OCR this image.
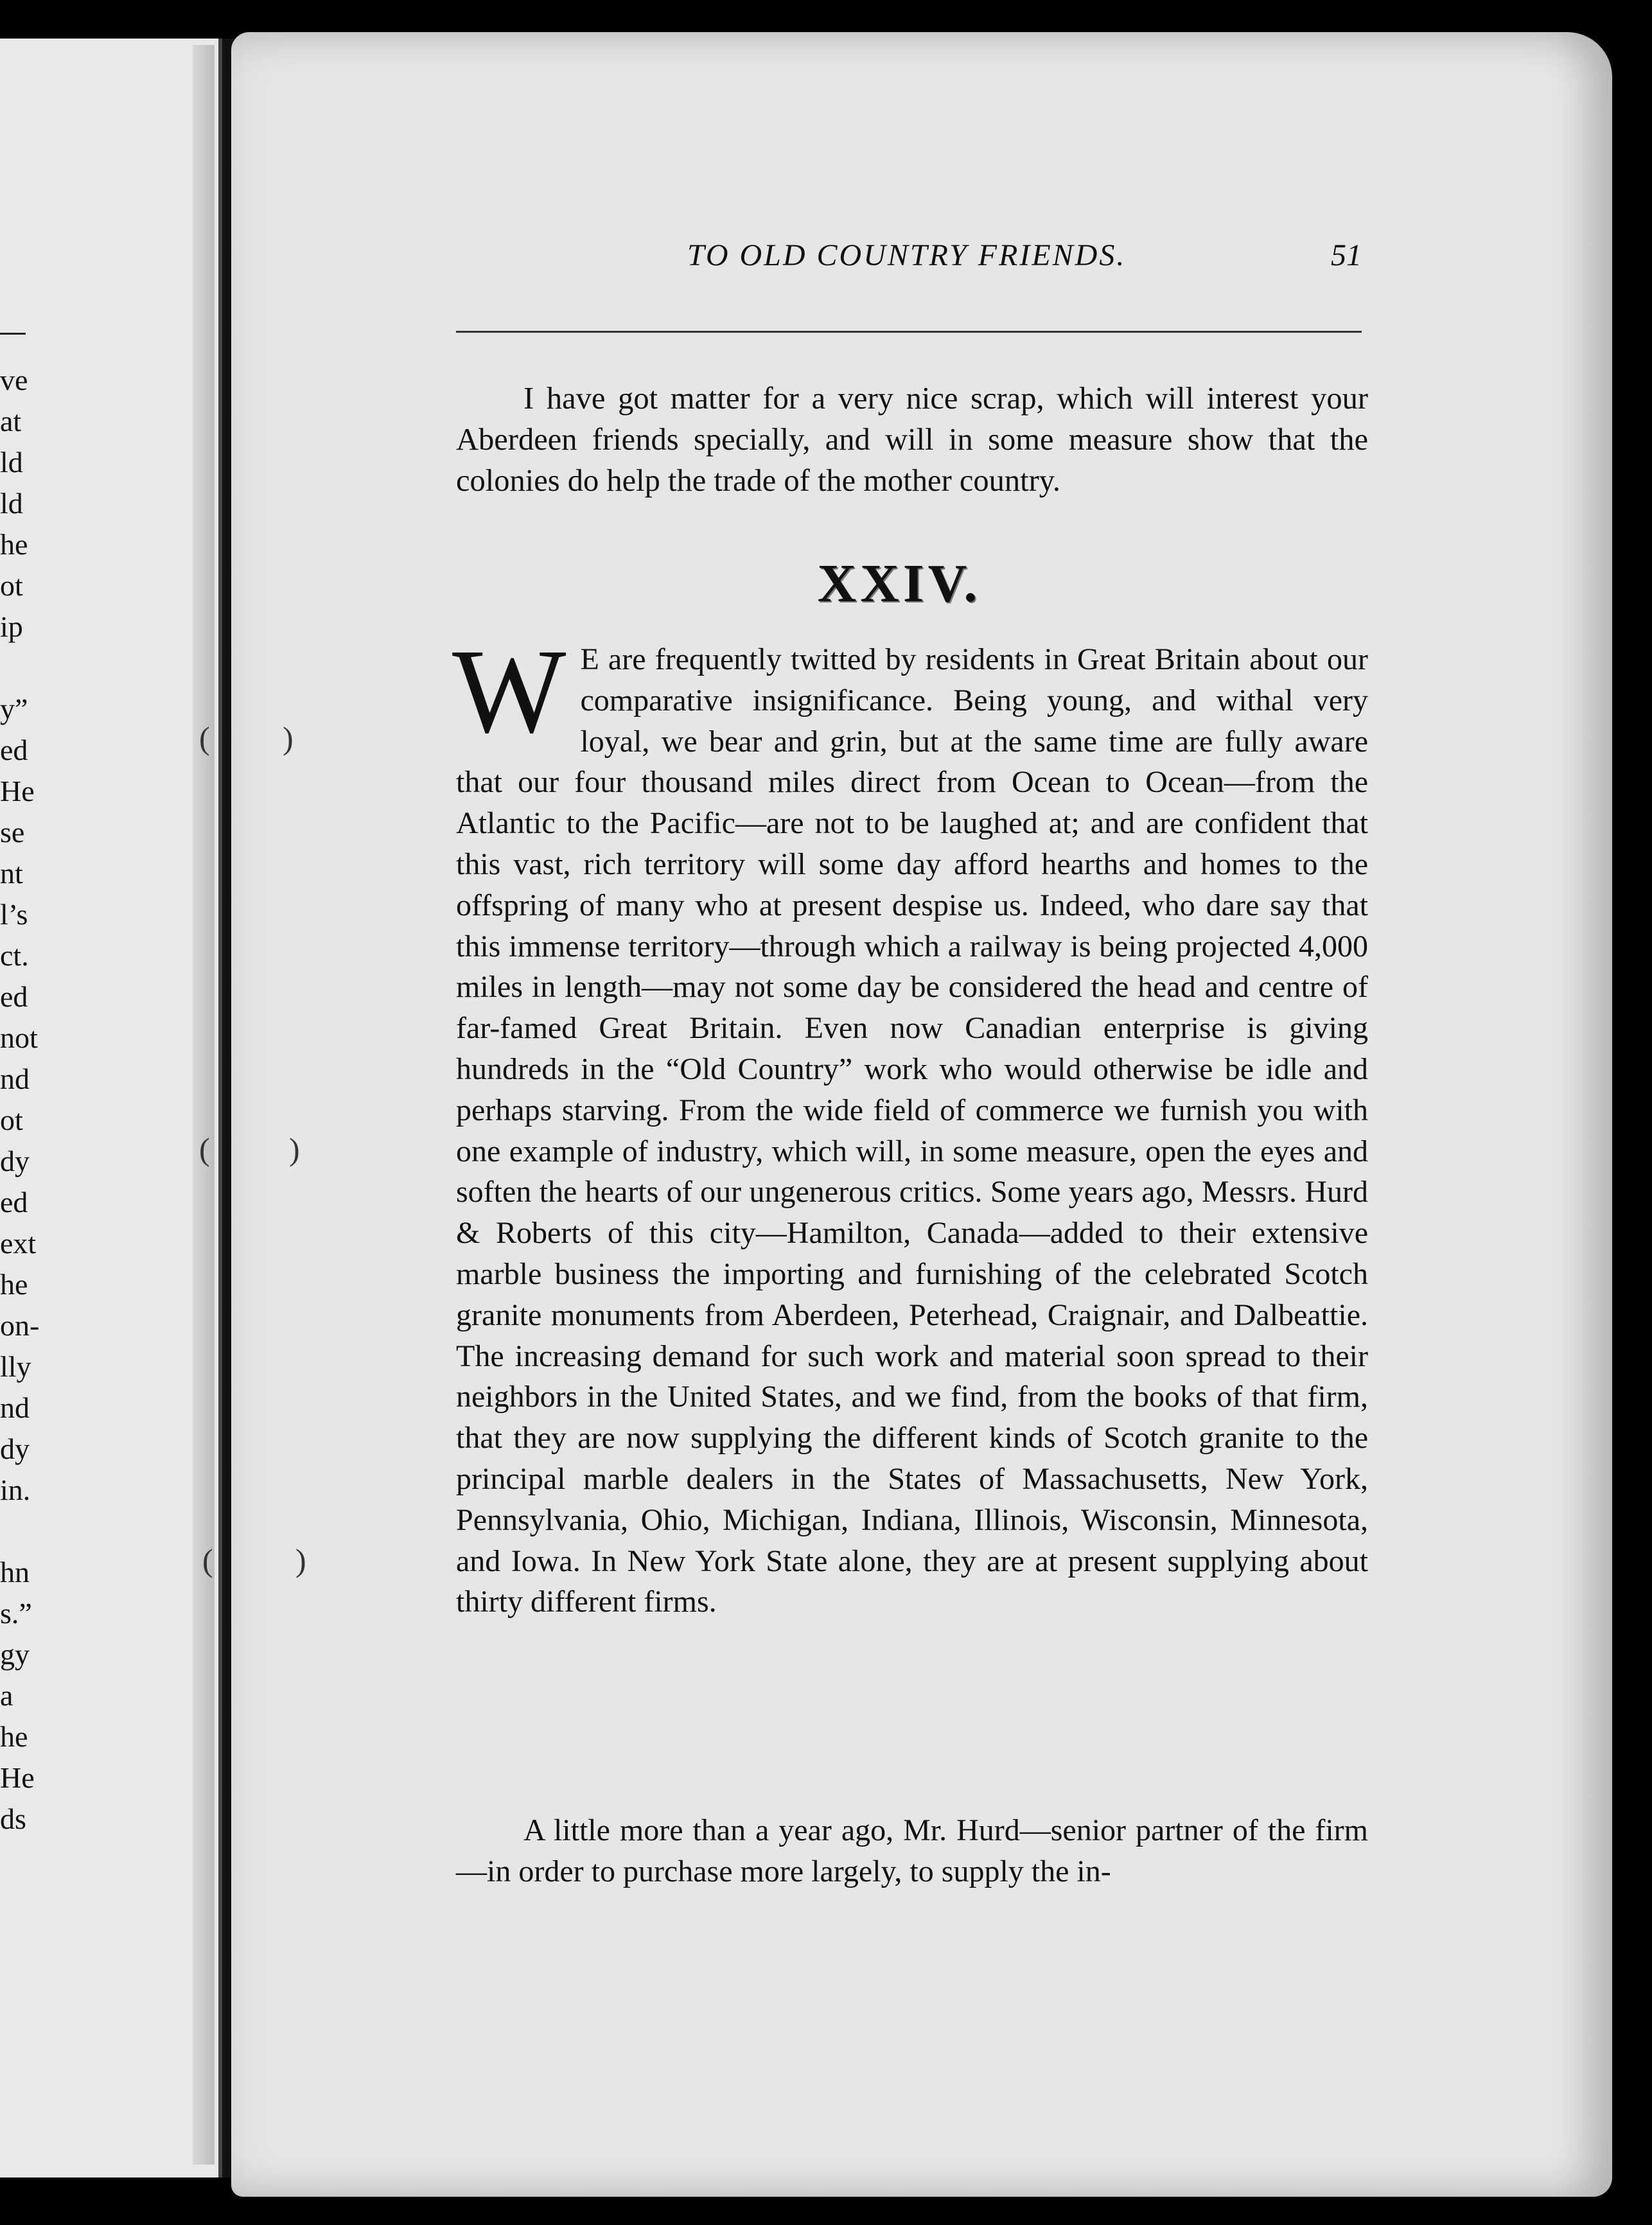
ve
at
ld
ld
he
ot
ip
y”
ed
He
se
nt
l’s
ct.
ed
not
nd
ot
dy
ed
ext
he
on-
lly
nd
dy
in.
hn
s.”
gy
a
he
He
ds
TO OLD COUNTRY FRIENDS.	51

I have got matter for a very nice scrap, which will interest your Aberdeen friends specially, and will in some measure show that the colonies do help the trade of the mother country.

XXIV.
W E are frequently twitted by residents in Great Britain about our comparative insignificance. Being young, and withal very loyal, we bear and grin, but at the same time are fully aware that our four thousand miles direct from Ocean to Ocean—from the Atlantic to the Pacific—are not to be laughed at; and are confident that this vast, rich territory will some day afford hearths and homes to the offspring of many who at present despise us. Indeed, who dare say that this immense territory—through which a railway is being projected 4,000 miles in length—may not some day be considered the head and centre of far-famed Great Britain. Even now Canadian enterprise is giving hundreds in the “Old Country” work who would otherwise be idle and perhaps starving. From the wide field of commerce we furnish you with one example of industry, which will, in some measure, open the eyes and soften the hearts of our ungenerous critics. Some years ago, Messrs. Hurd & Roberts of this city—Hamilton, Canada—added to their extensive marble business the importing and furnishing of the celebrated Scotch granite monuments from Aberdeen, Peterhead, Craignair, and Dalbeattie. The increasing demand for such work and material soon spread to their neighbors in the United States, and we find, from the books of that firm, that they are now supplying the different kinds of Scotch granite to the principal marble dealers in the States of Massachusetts, New York, Pennsylvania, Ohio, Michigan, Indiana, Illinois, Wisconsin, Minnesota, and Iowa. In New York State alone, they are at present supplying about thirty different firms.

A little more than a year ago, Mr. Hurd—senior partner of the firm—in order to purchase more largely, to supply the in-

( )
( )
(	)
